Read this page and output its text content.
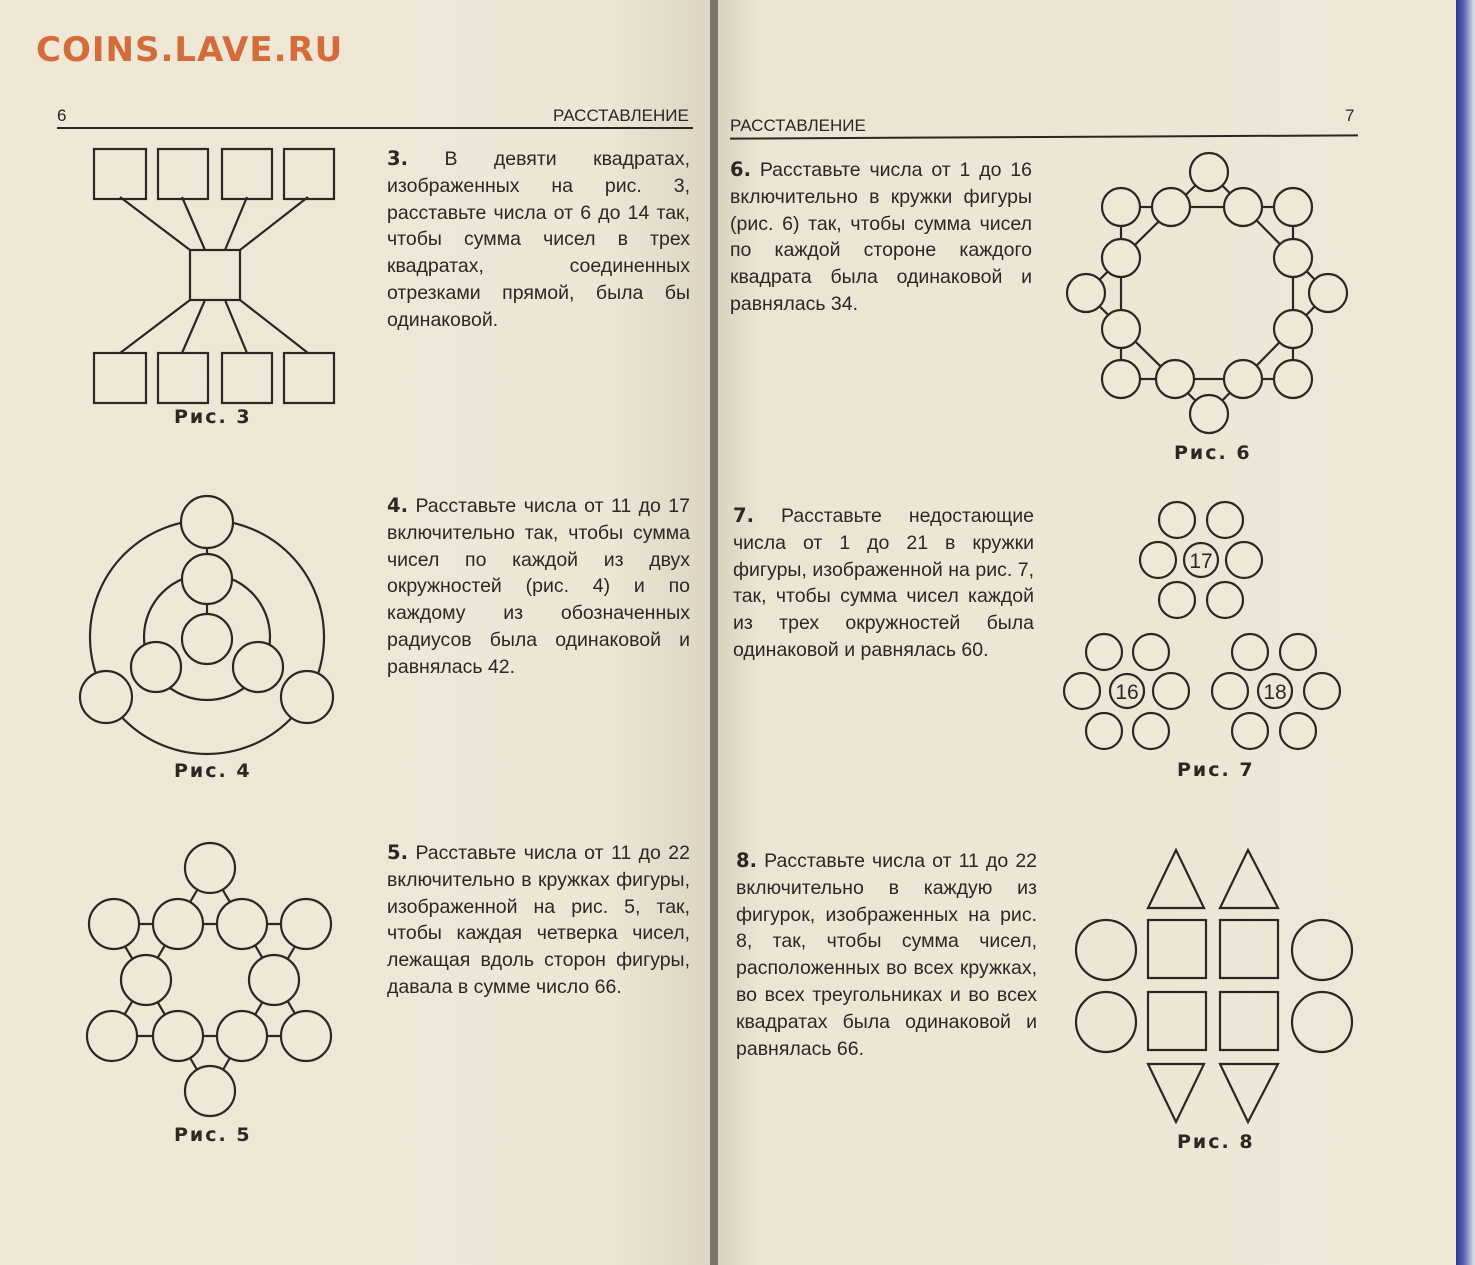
COINS.LAVE.RU
6	РАССТАВЛЕНИЕ
РАССТАВЛЕНИЕ
7
3. В девяти квадратах, изображенных на рис. 3, расставьте числа от 6 до 14 так, чтобы сумма чисел в трех квадратах, соединенных отрезками прямой, была бы одинаковой.
Рис. 3
4. Расставьте числа от 11 до 17 включительно так, чтобы сумма чисел по каждой из двух окружностей (рис. 4) и по каждому из обозначенных радиусов была одинаковой и равнялась 42.
Рис. 4
5. Расставьте числа от 11 до 22 включительно в кружках фигуры, изображенной на рис. 5, так, чтобы каждая четверка чисел, лежащая вдоль сторон фигуры, давала в сумме число 66.
Рис. 5
6. Расставьте числа от 1 до 16 включительно в кружки фигуры (рис. 6) так, чтобы сумма чисел по каждой стороне каждого квадрата была одинаковой и равнялась 34.
Рис. 6
7. Расставьте недостающие числа от 1 до 21 в кружки фигуры, изображенной на рис. 7, так, чтобы сумма чисел каждой из трех окружностей была одинаковой и равнялась 60.
17
16	18
Рис. 7
8. Расставьте числа от 11 до 22 включительно в каждую из фигурок, изображенных на рис. 8, так, чтобы сумма чисел, расположенных во всех кружках, во всех треугольниках и во всех квадратах была одинаковой и равнялась 66.
Рис. 8
